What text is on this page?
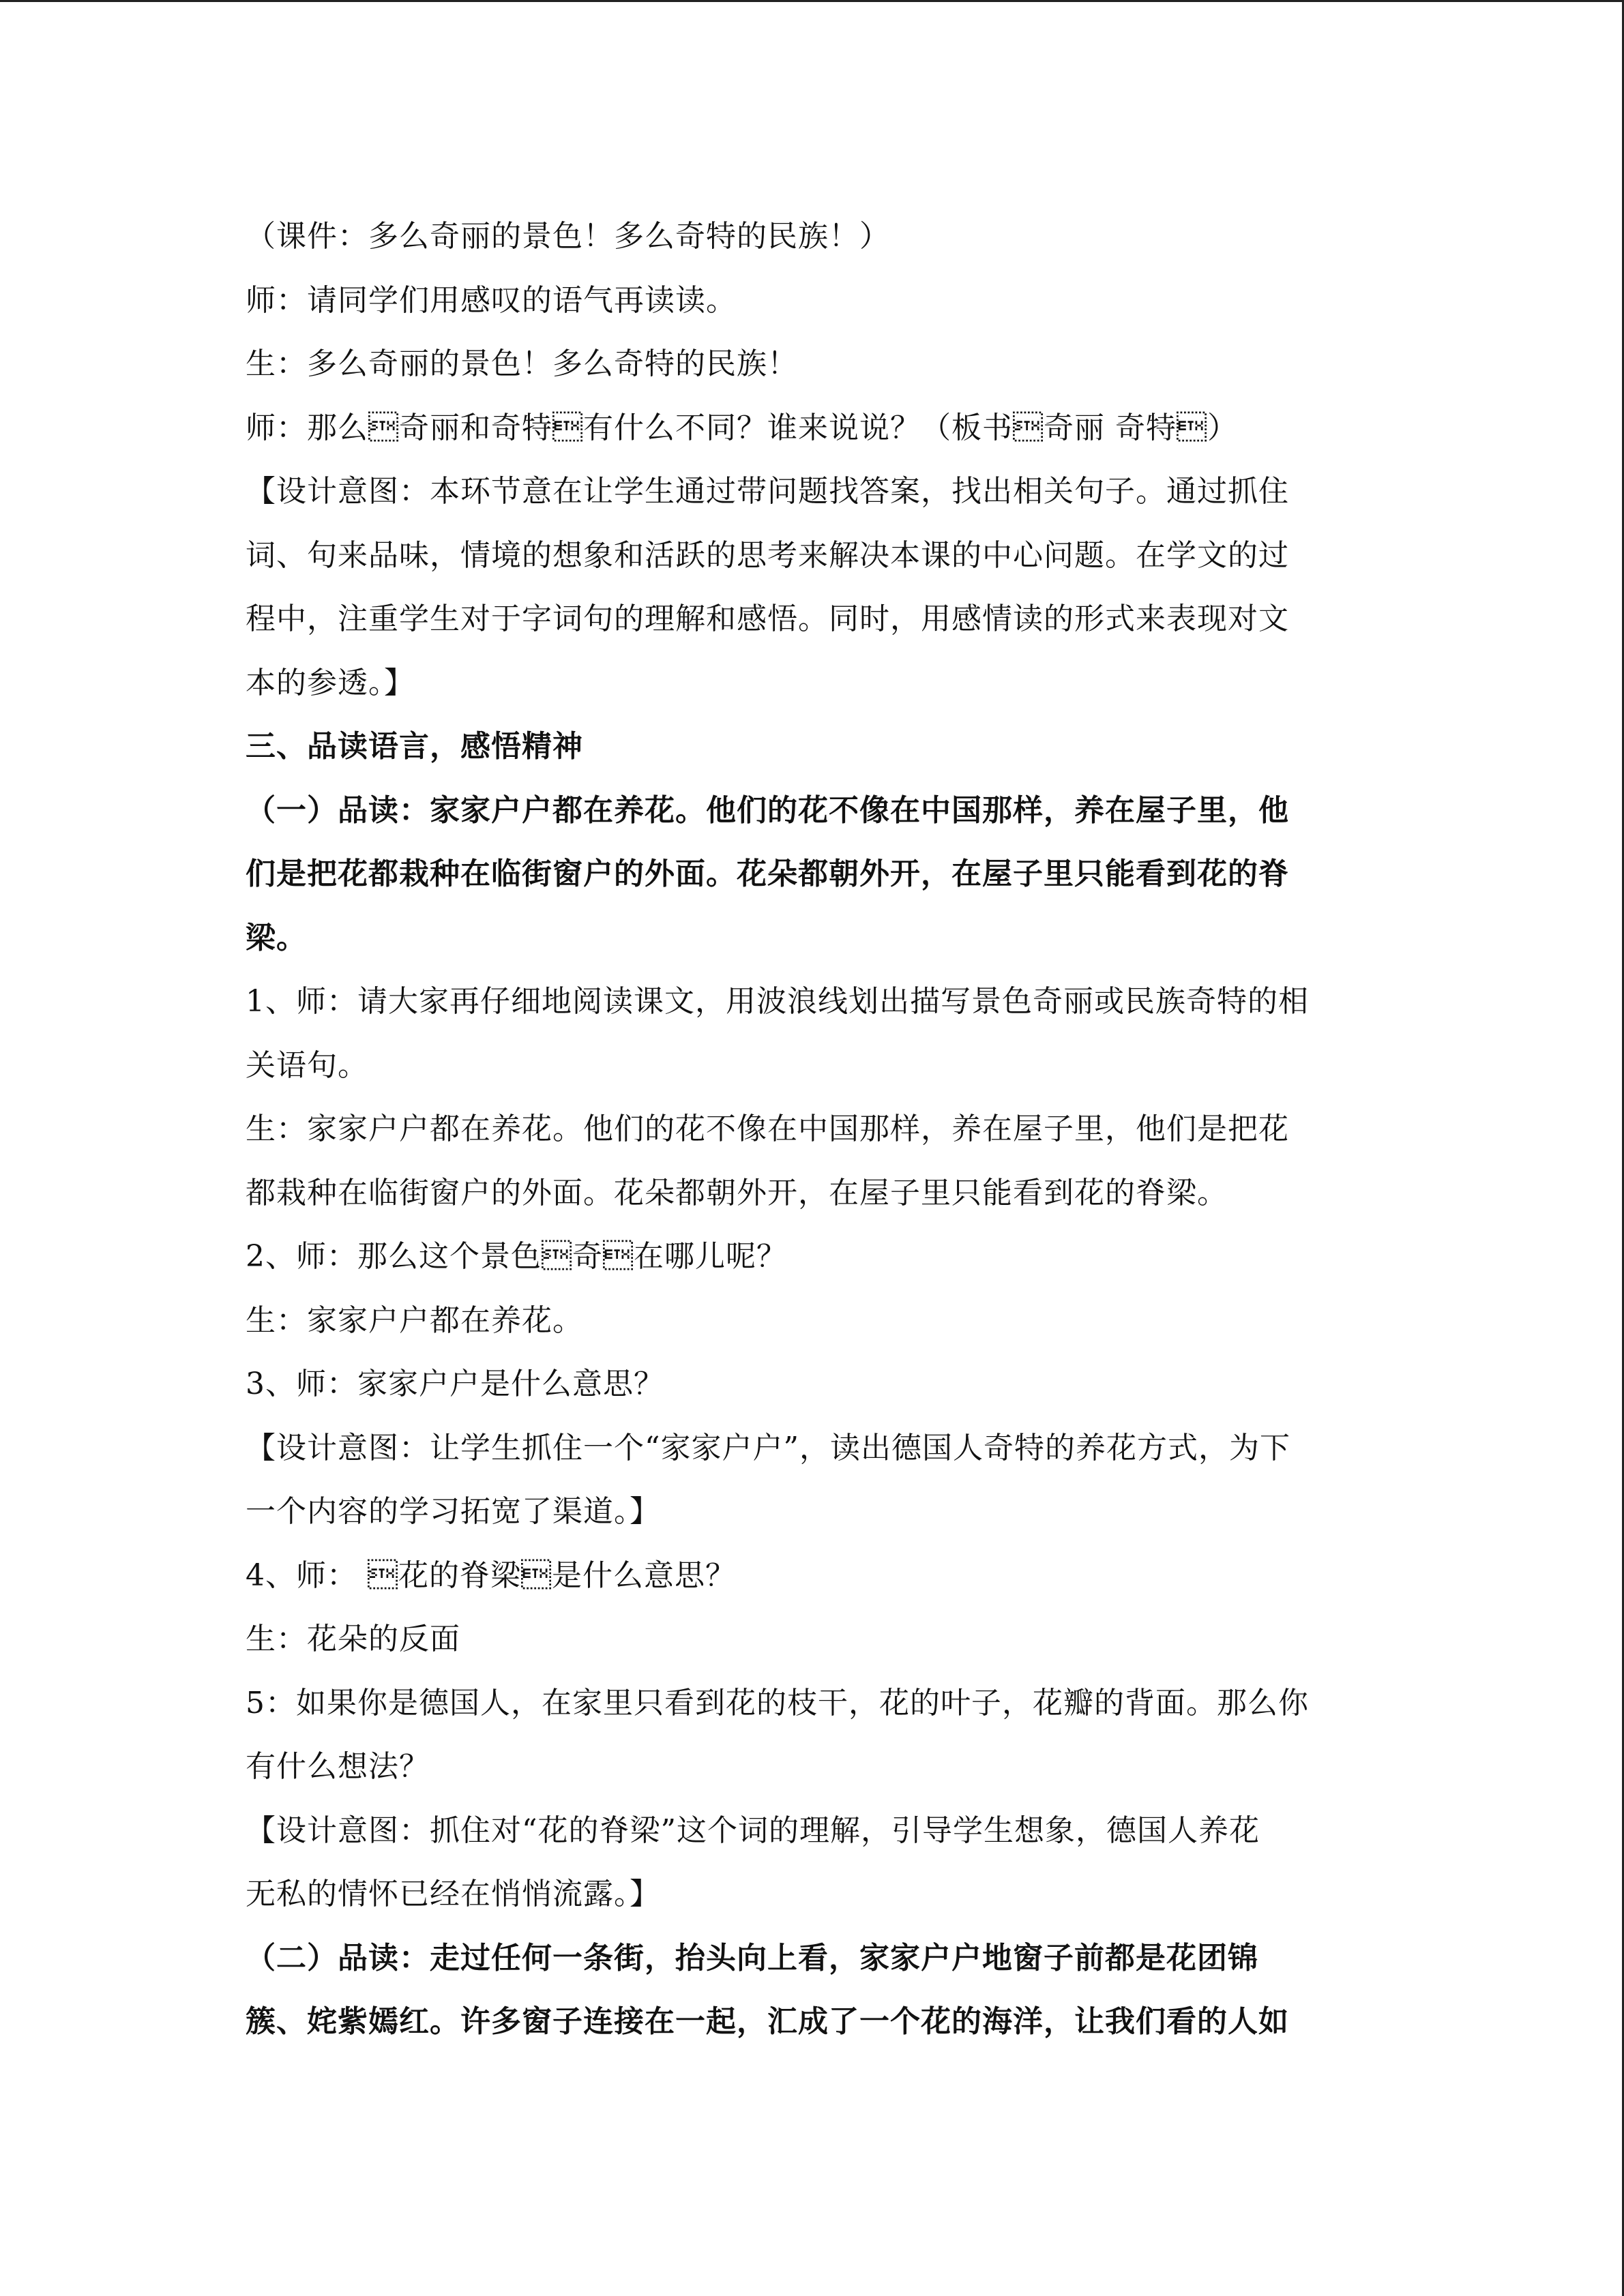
（课件：多么奇丽的景色！多么奇特的民族！）
师：请同学们用感叹的语气再读读。
生：多么奇丽的景色！多么奇特的民族！
师：那么奇丽和奇特有什么不同？谁来说说？（板书奇丽 奇特）
【设计意图：本环节意在让学生通过带问题找答案，找出相关句子。通过抓住
词、句来品味，情境的想象和活跃的思考来解决本课的中心问题。在学文的过
程中，注重学生对于字词句的理解和感悟。同时，用感情读的形式来表现对文
本的参透。】
三、品读语言，感悟精神
（一）品读：家家户户都在养花。他们的花不像在中国那样，养在屋子里，他
们是把花都栽种在临街窗户的外面。花朵都朝外开，在屋子里只能看到花的脊
梁。
1、师：请大家再仔细地阅读课文，用波浪线划出描写景色奇丽或民族奇特的相
关语句。
生：家家户户都在养花。他们的花不像在中国那样，养在屋子里，他们是把花
都栽种在临街窗户的外面。花朵都朝外开，在屋子里只能看到花的脊梁。
2、师：那么这个景色奇在哪儿呢？
生：家家户户都在养花。
3、师：家家户户是什么意思？
【设计意图：让学生抓住一个“家家户户”，读出德国人奇特的养花方式，为下
一个内容的学习拓宽了渠道。】
4、师： 花的脊梁是什么意思？
生：花朵的反面
5：如果你是德国人，在家里只看到花的枝干，花的叶子，花瓣的背面。那么你
有什么想法？
【设计意图：抓住对“花的脊梁”这个词的理解，引导学生想象，德国人养花
无私的情怀已经在悄悄流露。】
（二）品读：走过任何一条街，抬头向上看，家家户户地窗子前都是花团锦
簇、姹紫嫣红。许多窗子连接在一起，汇成了一个花的海洋，让我们看的人如
